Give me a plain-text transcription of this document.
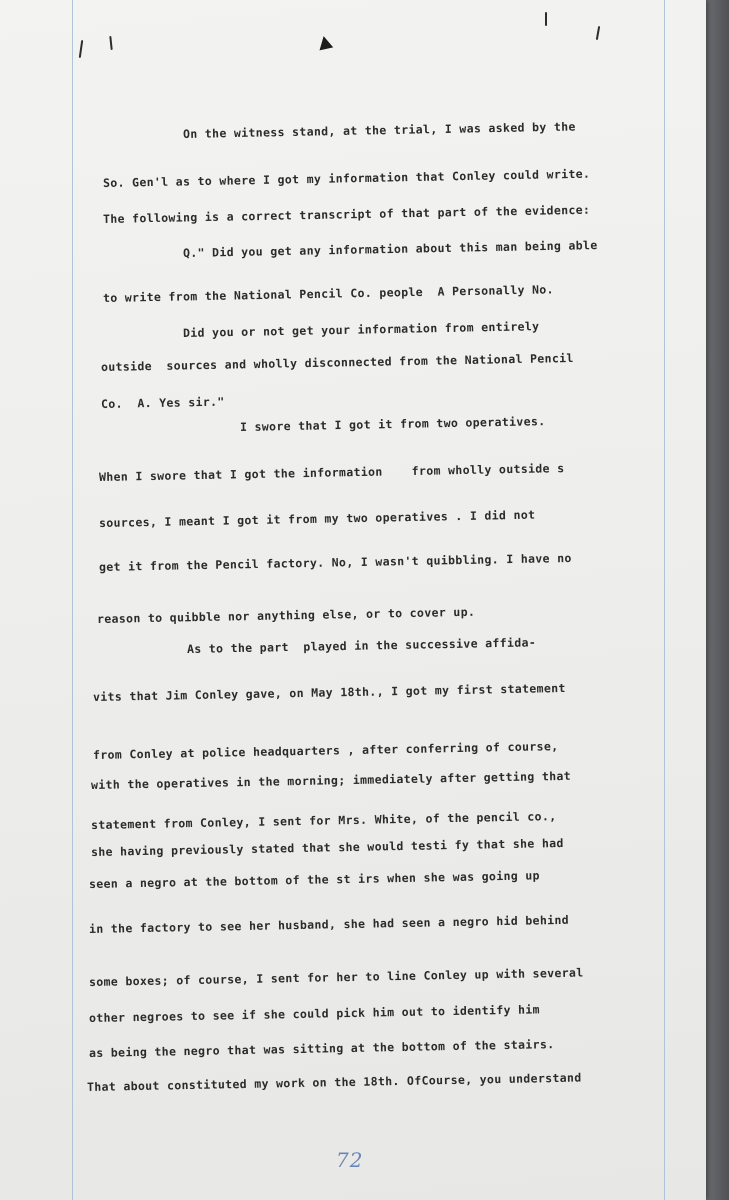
On the witness stand, at the trial, I was asked by the
So. Gen'l as to where I got my information that Conley could write.
The following is a correct transcript of that part of the evidence:
Q." Did you get any information about this man being able
to write from the National Pencil Co. people  A Personally No.
Did you or not get your information from entirely
outside  sources and wholly disconnected from the National Pencil
Co.  A. Yes sir."
I swore that I got it from two operatives.
When I swore that I got the information    from wholly outside s
sources, I meant I got it from my two operatives . I did not
get it from the Pencil factory. No, I wasn't quibbling. I have no
reason to quibble nor anything else, or to cover up.
As to the part  played in the successive affida-
vits that Jim Conley gave, on May 18th., I got my first statement
from Conley at police headquarters , after conferring of course,
with the operatives in the morning; immediately after getting that
statement from Conley, I sent for Mrs. White, of the pencil co.,
she having previously stated that she would testi fy that she had
seen a negro at the bottom of the st irs when she was going up
in the factory to see her husband, she had seen a negro hid behind
some boxes; of course, I sent for her to line Conley up with several
other negroes to see if she could pick him out to identify him
as being the negro that was sitting at the bottom of the stairs.
That about constituted my work on the 18th. OfCourse, you understand
72
